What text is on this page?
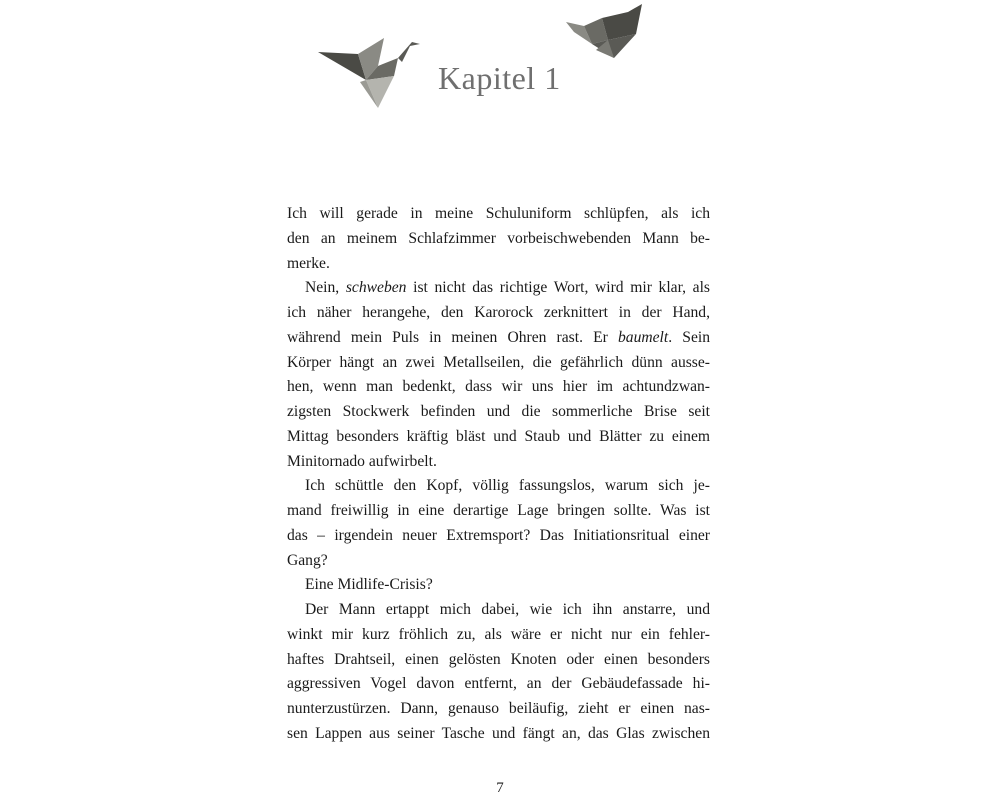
Kapitel 1
Ich will gerade in meine Schuluniform schlüpfen, als ich
den an meinem Schlafzimmer vorbeischwebenden Mann be-
merke.
Nein, schweben ist nicht das richtige Wort, wird mir klar, als
ich näher herangehe, den Karorock zerknittert in der Hand,
während mein Puls in meinen Ohren rast. Er baumelt. Sein
Körper hängt an zwei Metallseilen, die gefährlich dünn ausse-
hen, wenn man bedenkt, dass wir uns hier im achtundzwan-
zigsten Stockwerk befinden und die sommerliche Brise seit
Mittag besonders kräftig bläst und Staub und Blätter zu einem
Minitornado aufwirbelt.
Ich schüttle den Kopf, völlig fassungslos, warum sich je-
mand freiwillig in eine derartige Lage bringen sollte. Was ist
das – irgendein neuer Extremsport? Das Initiationsritual einer
Gang?
Eine Midlife-Crisis?
Der Mann ertappt mich dabei, wie ich ihn anstarre, und
winkt mir kurz fröhlich zu, als wäre er nicht nur ein fehler-
haftes Drahtseil, einen gelösten Knoten oder einen besonders
aggressiven Vogel davon entfernt, an der Gebäudefassade hi-
nunterzustürzen. Dann, genauso beiläufig, zieht er einen nas-
sen Lappen aus seiner Tasche und fängt an, das Glas zwischen
7
